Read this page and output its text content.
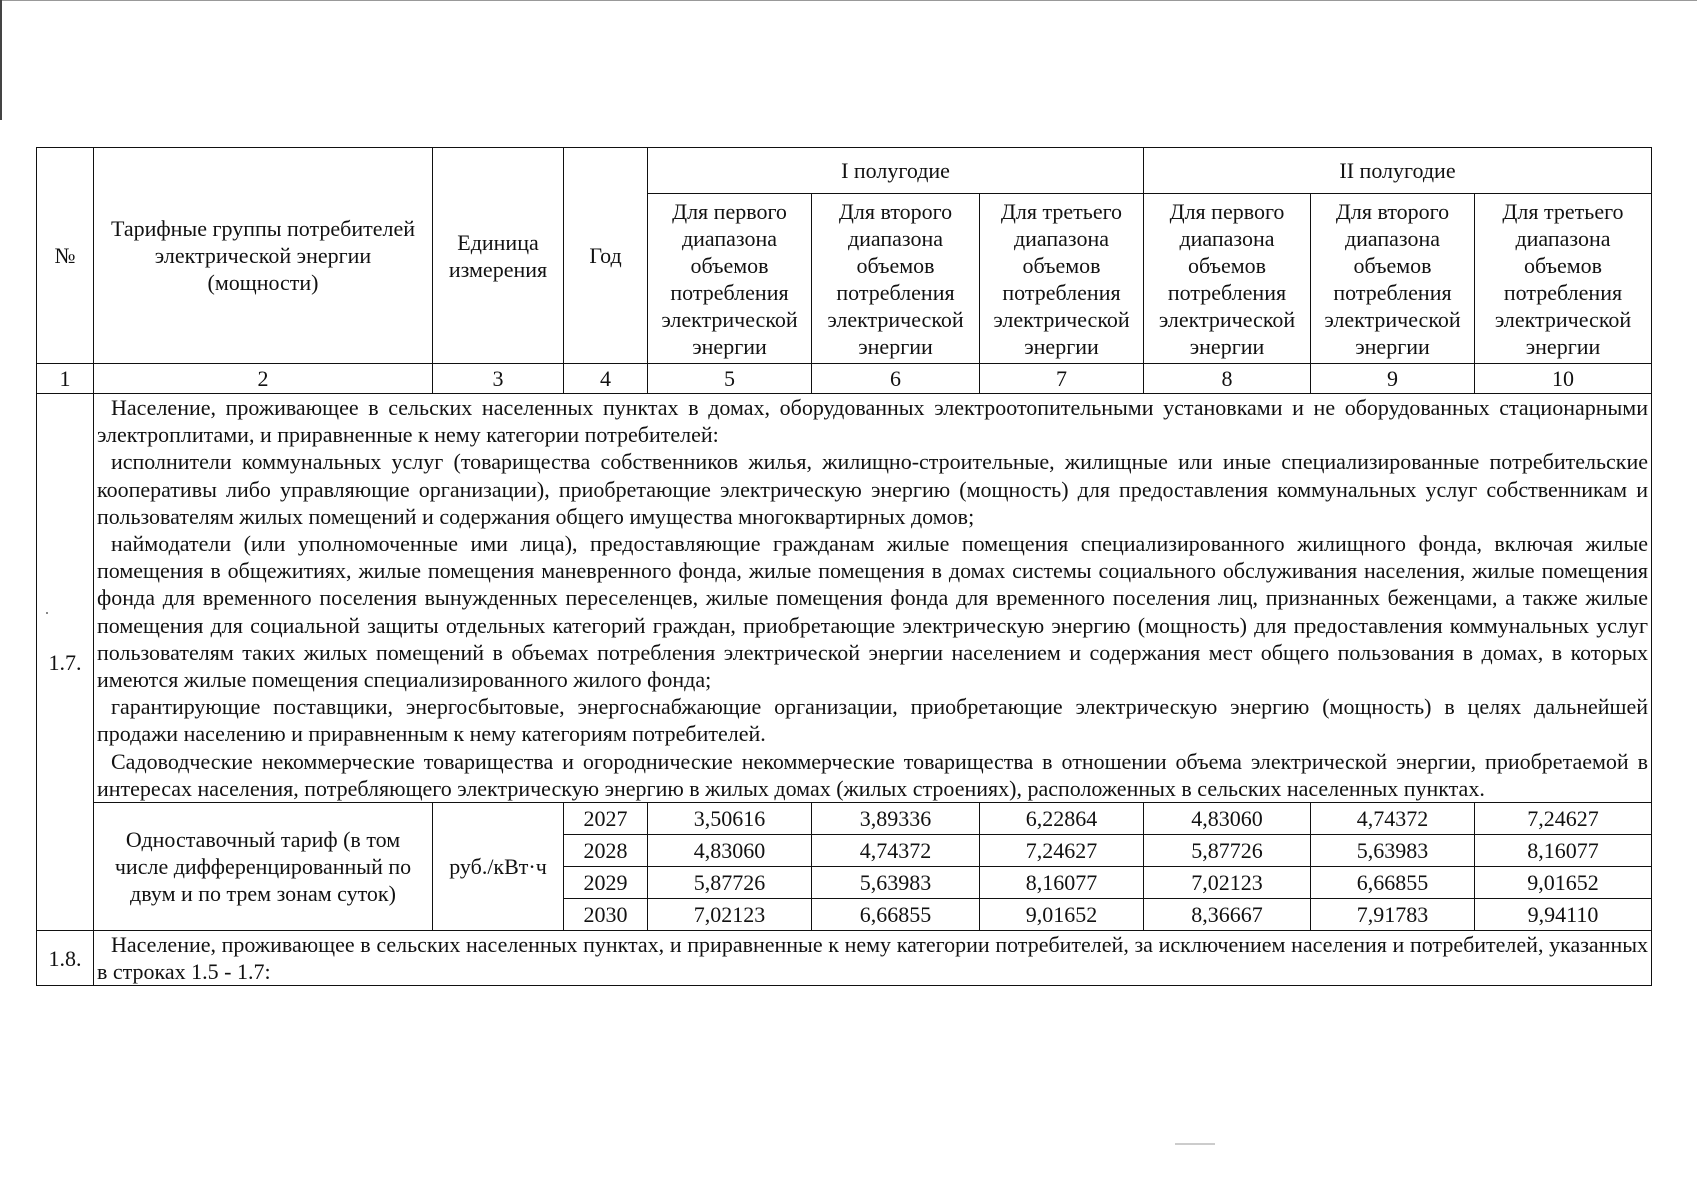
№	Тарифные группы потребителей электрической энергии (мощности)	Единица измерения	Год	I полугодие			II полугодие		
				Для первого диапазона объемов потребления электрической энергии	Для второго диапазона объемов потребления электрической энергии	Для третьего диапазона объемов потребления электрической энергии	Для первого диапазона объемов потребления электрической энергии	Для второго диапазона объемов потребления электрической энергии	Для третьего диапазона объемов потребления электрической энергии
1	2	3	4	5	6	7	8	9	10
1.7.	Население, проживающее в сельских населенных пунктах в домах, оборудованных электроотопительными установками и не оборудованных стационарными электроплитами, и приравненные к нему категории потребителей:

исполнители коммунальных услуг (товарищества собственников жилья, жилищно-строительные, жилищные или иные специализированные потребительские кооперативы либо управляющие организации), приобретающие электрическую энергию (мощность) для предоставления коммунальных услуг собственникам и пользователям жилых помещений и содержания общего имущества многоквартирных домов;

наймодатели (или уполномоченные ими лица), предоставляющие гражданам жилые помещения специализированного жилищного фонда, включая жилые помещения в общежитиях, жилые помещения маневренного фонда, жилые помещения в домах системы социального обслуживания населения, жилые помещения фонда для временного поселения вынужденных переселенцев, жилые помещения фонда для временного поселения лиц, признанных беженцами, а также жилые помещения для социальной защиты отдельных категорий граждан, приобретающие электрическую энергию (мощность) для предоставления коммунальных услуг пользователям таких жилых помещений в объемах потребления электрической энергии населением и содержания мест общего пользования в домах, в которых имеются жилые помещения специализированного жилого фонда;

гарантирующие поставщики, энергосбытовые, энергоснабжающие организации, приобретающие электрическую энергию (мощность) в целях дальнейшей продажи населению и приравненным к нему категориям потребителей.

Садоводческие некоммерческие товарищества и огороднические некоммерческие товарищества в отношении объема электрической энергии, приобретаемой в интересах населения, потребляющего электрическую энергию в жилых домах (жилых строениях), расположенных в сельских населенных пунктах.								

	Одноставочный тариф (в том числе дифференцированный по двум и по трем зонам суток)	руб./кВт·ч	2027	3,50616	3,89336	6,22864	4,83060	4,74372	7,24627
			2028	4,83060	4,74372	7,24627	5,87726	5,63983	8,16077
			2029	5,87726	5,63983	8,16077	7,02123	6,66855	9,01652
			2030	7,02123	6,66855	9,01652	8,36667	7,91783	9,94110
1.8.	Население, проживающее в сельских населенных пунктах, и приравненные к нему категории потребителей, за исключением населения и потребителей, указанных в строках 1.5 - 1.7:								
